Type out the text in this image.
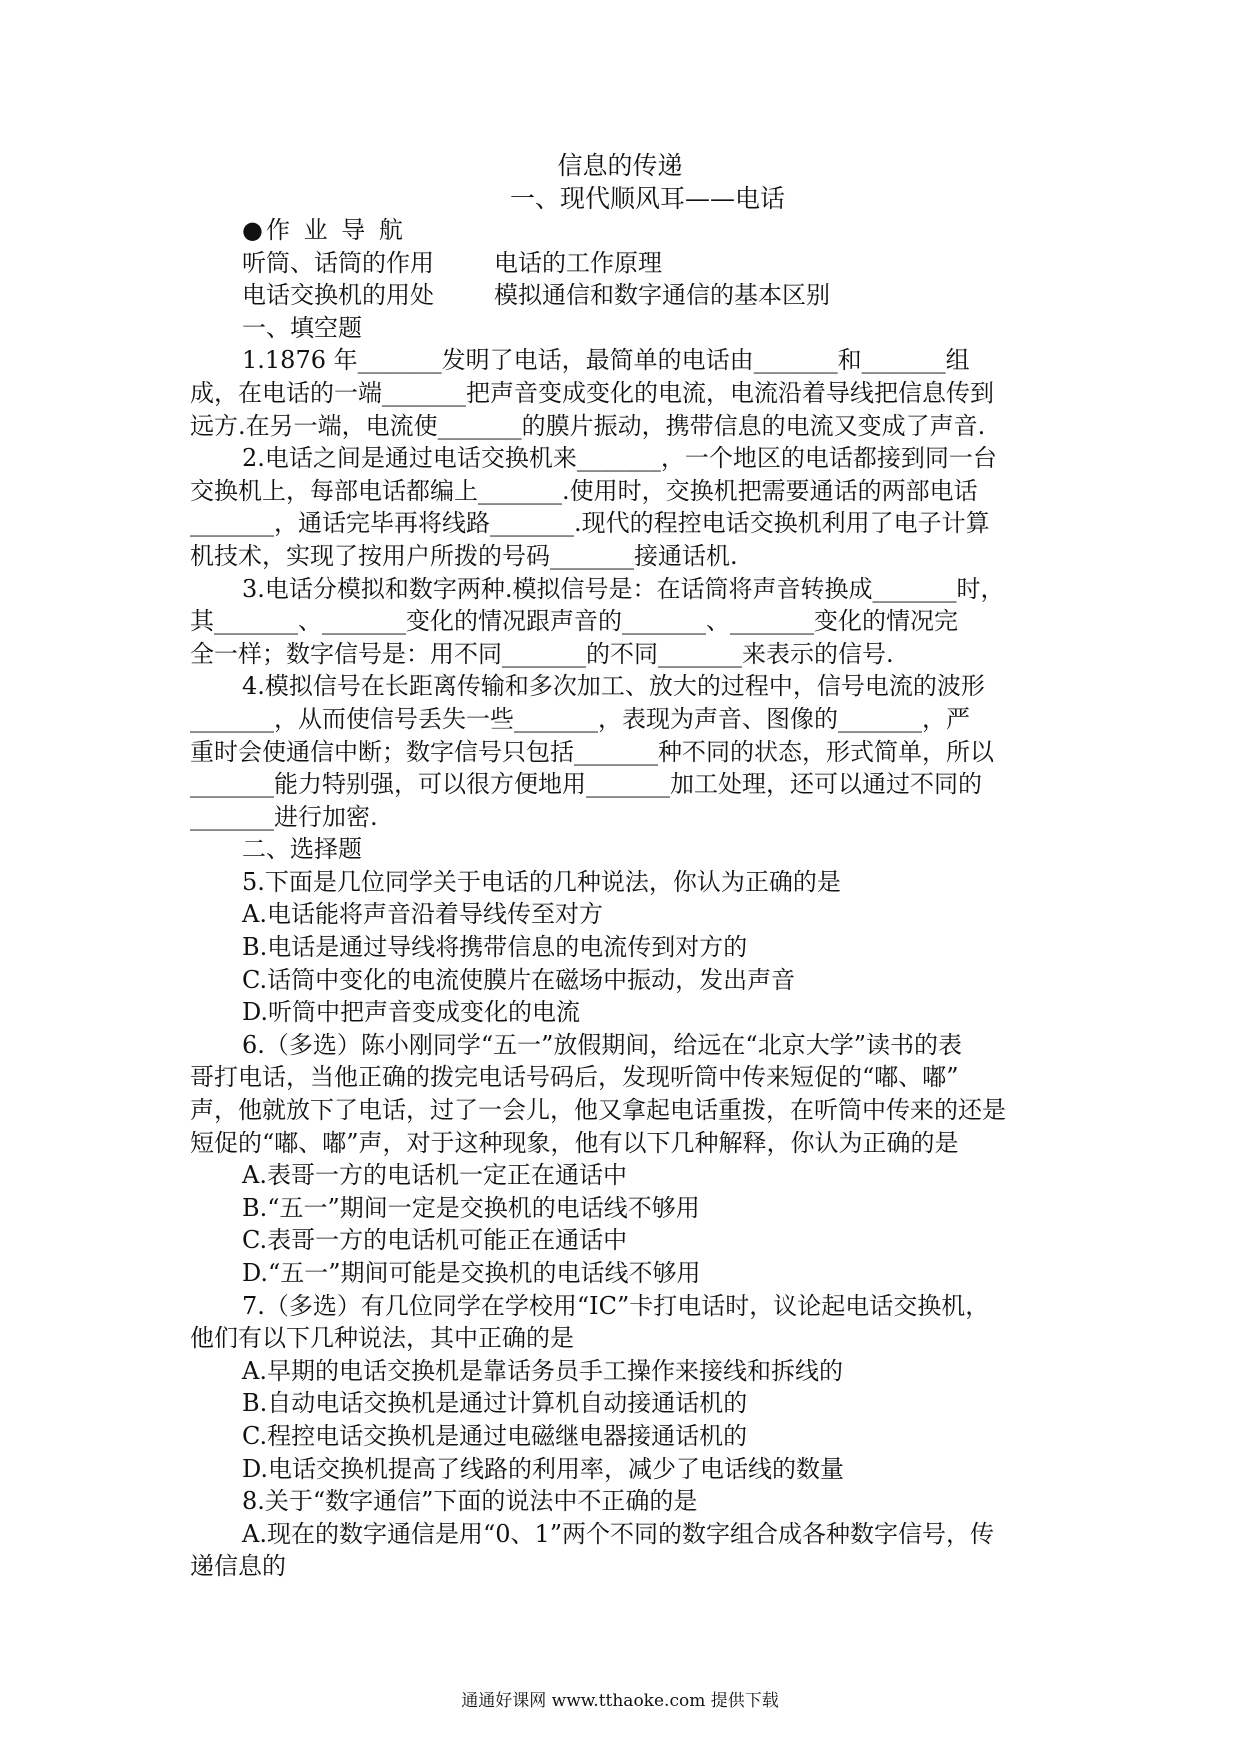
信息的传递
一、现代顺风耳——电话

●作 业 导 航

听筒、话筒的作用	电话的工作原理

电话交换机的用处	模拟通信和数字通信的基本区别

一、填空题

1.1876 年_______发明了电话，最简单的电话由_______和_______组

成，在电话的一端_______把声音变成变化的电流，电流沿着导线把信息传到

远方.在另一端，电流使_______的膜片振动，携带信息的电流又变成了声音.

2.电话之间是通过电话交换机来_______，一个地区的电话都接到同一台

交换机上，每部电话都编上_______.使用时，交换机把需要通话的两部电话

_______，通话完毕再将线路_______.现代的程控电话交换机利用了电子计算

机技术，实现了按用户所拨的号码_______接通话机.

3.电话分模拟和数字两种.模拟信号是：在话筒将声音转换成_______时，

其_______、_______变化的情况跟声音的_______、_______变化的情况完

全一样；数字信号是：用不同_______的不同_______来表示的信号.

4.模拟信号在长距离传输和多次加工、放大的过程中，信号电流的波形

_______，从而使信号丢失一些_______，表现为声音、图像的_______，严

重时会使通信中断；数字信号只包括_______种不同的状态，形式简单，所以

_______能力特别强，可以很方便地用_______加工处理，还可以通过不同的

_______进行加密.

二、选择题

5.下面是几位同学关于电话的几种说法，你认为正确的是

A.电话能将声音沿着导线传至对方

B.电话是通过导线将携带信息的电流传到对方的

C.话筒中变化的电流使膜片在磁场中振动，发出声音

D.听筒中把声音变成变化的电流

6.（多选）陈小刚同学“五一”放假期间，给远在“北京大学”读书的表

哥打电话，当他正确的拨完电话号码后，发现听筒中传来短促的“嘟、嘟”

声，他就放下了电话，过了一会儿，他又拿起电话重拨，在听筒中传来的还是

短促的“嘟、嘟”声，对于这种现象，他有以下几种解释，你认为正确的是

A.表哥一方的电话机一定正在通话中

B.“五一”期间一定是交换机的电话线不够用

C.表哥一方的电话机可能正在通话中

D.“五一”期间可能是交换机的电话线不够用

7.（多选）有几位同学在学校用“IC”卡打电话时，议论起电话交换机，

他们有以下几种说法，其中正确的是

A.早期的电话交换机是靠话务员手工操作来接线和拆线的

B.自动电话交换机是通过计算机自动接通话机的

C.程控电话交换机是通过电磁继电器接通话机的

D.电话交换机提高了线路的利用率，减少了电话线的数量

8.关于“数字通信”下面的说法中不正确的是

A.现在的数字通信是用“0、1”两个不同的数字组合成各种数字信号，传

递信息的

通通好课网 www.tthaoke.com 提供下载
